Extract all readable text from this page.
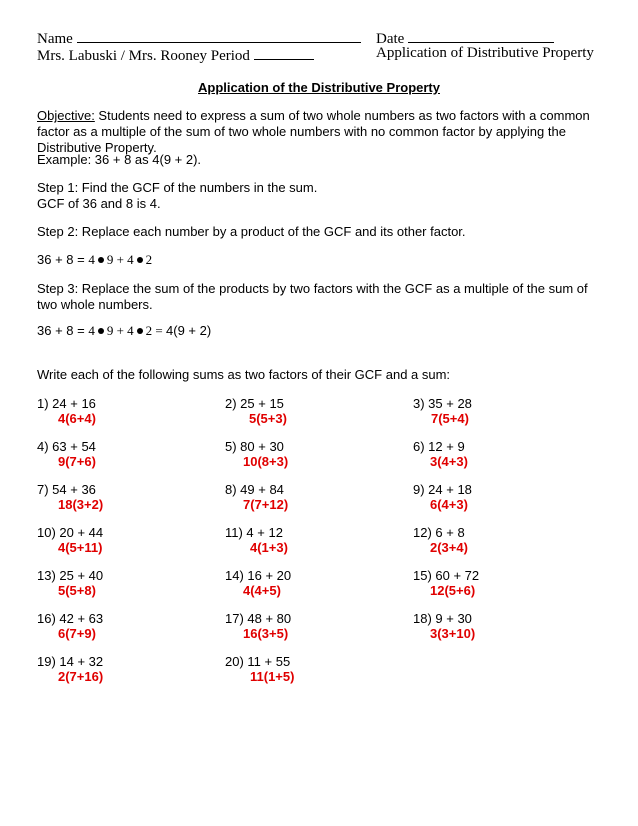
Name	Date
Mrs. Labuski / Mrs. Rooney Period	Application of Distributive Property
Application of the Distributive Property
Objective: Students need to express a sum of two whole numbers as two factors with a common factor as a multiple of the sum of two whole numbers with no common factor by applying the Distributive Property.
Example: 36 + 8 as 4(9 + 2).
Step 1: Find the GCF of the numbers in the sum.
GCF of 36 and 8 is 4.
Step 2: Replace each number by a product of the GCF and its other factor.
36 + 8 = 4 9 + 4 2
Step 3: Replace the sum of the products by two factors with the GCF as a multiple of the sum of two whole numbers.
36 + 8 = 4 9 + 4 2 = 4(9 + 2)
Write each of the following sums as two factors of their GCF and a sum:
1) 24 + 16
4(6+4)
2) 25 + 15
5(5+3)
3) 35 + 28
7(5+4)
4) 63 + 54
9(7+6)
5) 80 + 30
10(8+3)
6) 12 + 9
3(4+3)
7) 54 + 36
18(3+2)
8) 49 + 84
7(7+12)
9) 24 + 18
6(4+3)
10) 20 + 44
4(5+11)
11) 4 + 12
4(1+3)
12) 6 + 8
2(3+4)
13) 25 + 40
5(5+8)
14) 16 + 20
4(4+5)
15) 60 + 72
12(5+6)
16) 42 + 63
6(7+9)
17) 48 + 80
16(3+5)
18) 9 + 30
3(3+10)
19) 14 + 32
2(7+16)
20) 11 + 55
11(1+5)
